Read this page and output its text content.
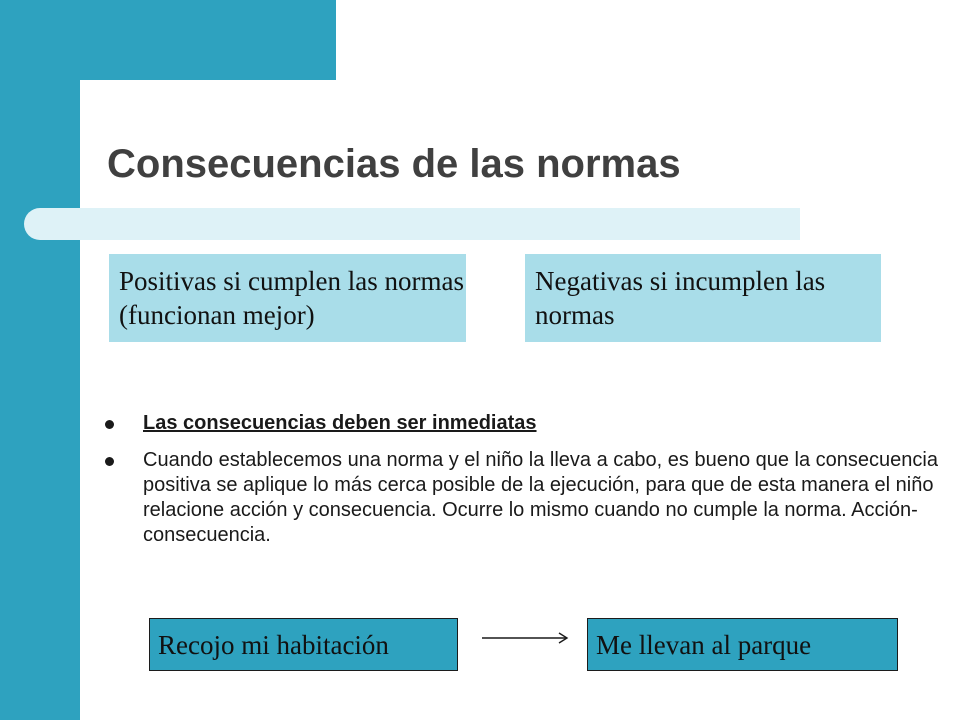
Consecuencias de las normas
Positivas si cumplen las normas (funcionan mejor)
Negativas si incumplen las normas
Las consecuencias deben ser inmediatas
Cuando establecemos una norma y el niño la lleva a cabo, es bueno que la consecuencia positiva se aplique lo más cerca posible de la ejecución, para que de esta manera el niño relacione acción y consecuencia. Ocurre lo mismo cuando no cumple la norma. Acción-consecuencia.
Recojo mi habitación	Me llevan al parque
